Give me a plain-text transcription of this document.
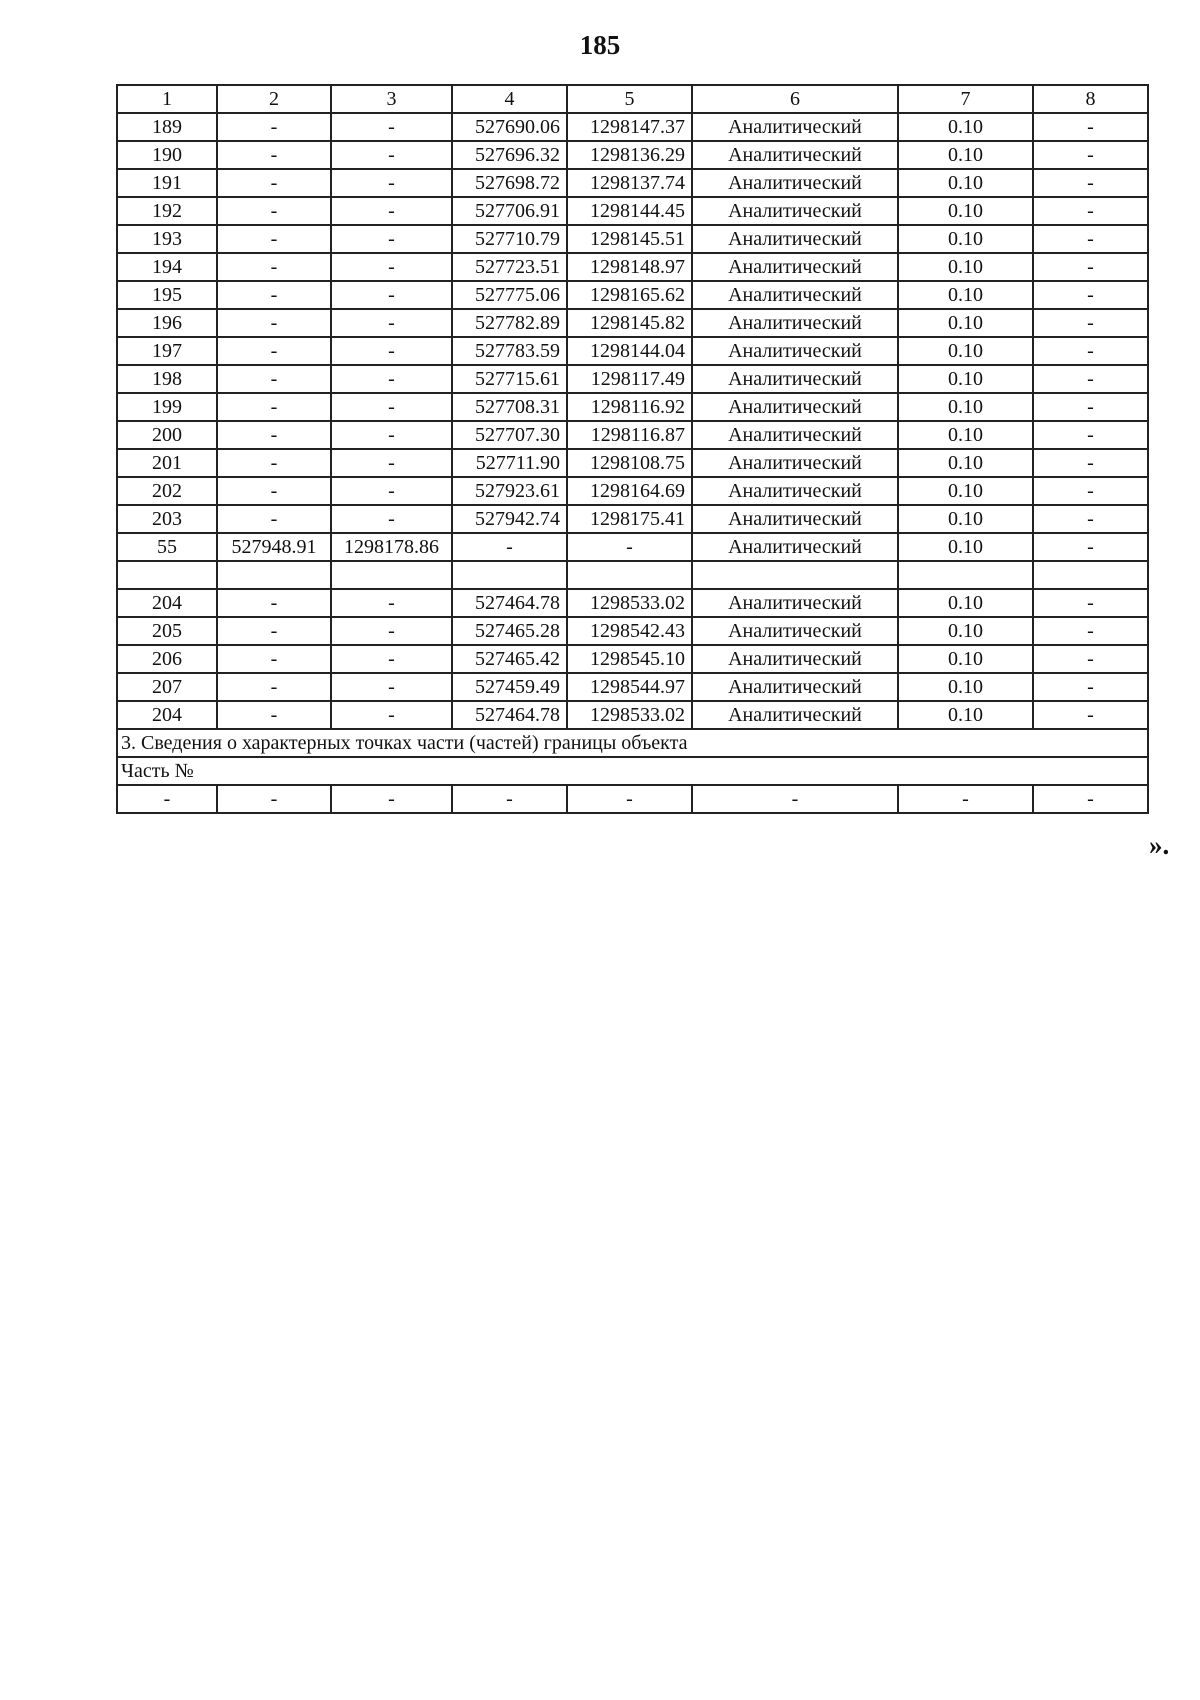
185
1	2	3	4	5	6	7	8
189	-	-	527690.06	1298147.37	Аналитический	0.10	-
190	-	-	527696.32	1298136.29	Аналитический	0.10	-
191	-	-	527698.72	1298137.74	Аналитический	0.10	-
192	-	-	527706.91	1298144.45	Аналитический	0.10	-
193	-	-	527710.79	1298145.51	Аналитический	0.10	-
194	-	-	527723.51	1298148.97	Аналитический	0.10	-
195	-	-	527775.06	1298165.62	Аналитический	0.10	-
196	-	-	527782.89	1298145.82	Аналитический	0.10	-
197	-	-	527783.59	1298144.04	Аналитический	0.10	-
198	-	-	527715.61	1298117.49	Аналитический	0.10	-
199	-	-	527708.31	1298116.92	Аналитический	0.10	-
200	-	-	527707.30	1298116.87	Аналитический	0.10	-
201	-	-	527711.90	1298108.75	Аналитический	0.10	-
202	-	-	527923.61	1298164.69	Аналитический	0.10	-
203	-	-	527942.74	1298175.41	Аналитический	0.10	-
55	527948.91	1298178.86	-	-	Аналитический	0.10	-

204	-	-	527464.78	1298533.02	Аналитический	0.10	-
205	-	-	527465.28	1298542.43	Аналитический	0.10	-
206	-	-	527465.42	1298545.10	Аналитический	0.10	-
207	-	-	527459.49	1298544.97	Аналитический	0.10	-
204	-	-	527464.78	1298533.02	Аналитический	0.10	-
3. Сведения о характерных точках части (частей) границы объекта							
Часть №							
-	-	-	-	-	-	-	-
».
